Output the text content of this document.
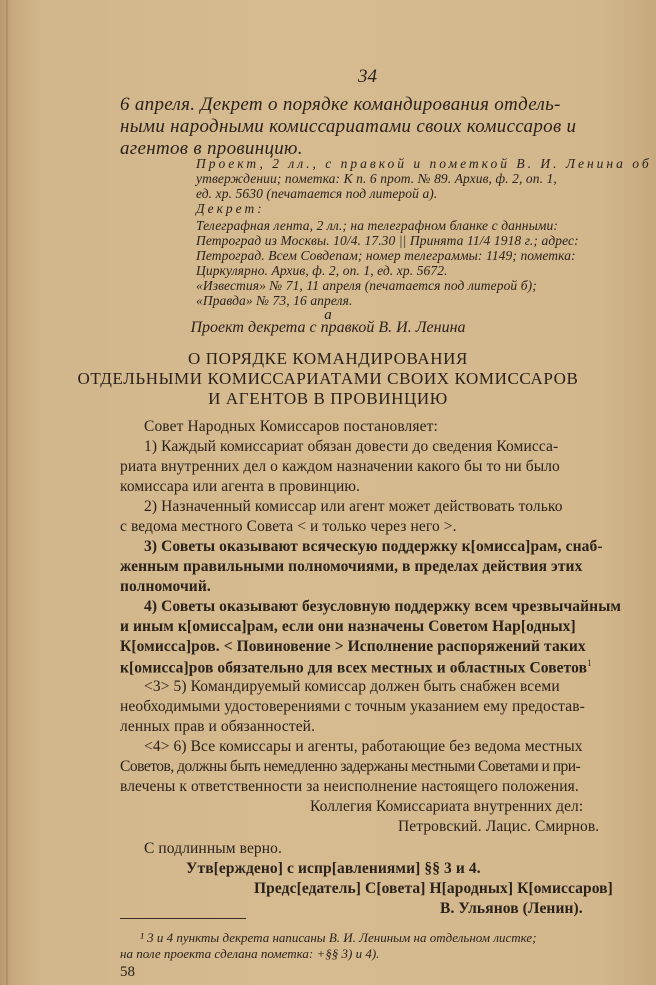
34
6 апреля. Декрет о порядке командирования отдель-
ными народными комиссариатами своих комиссаров и
агентов в провинцию.
Проект, 2 лл., с правкой и пометкой В. И. Ленина об
утверждении; пометка: К п. 6 прот. № 89. Архив, ф. 2, оп. 1,
ед. хр. 5630 (печатается под литерой а).
Декрет:
Телеграфная лента, 2 лл.; на телеграфном бланке с данными:
Петроград из Москвы. 10/4. 17.30 || Принята 11/4 1918 г.; адрес:
Петроград. Всем Совдепам; номер телеграммы: 1149; пометка:
Циркулярно. Архив, ф. 2, оп. 1, ед. хр. 5672.
«Известия» № 71, 11 апреля (печатается под литерой б);
«Правда» № 73, 16 апреля.
а
Проект декрета с правкой В. И. Ленина
О ПОРЯДКЕ КОМАНДИРОВАНИЯ
ОТДЕЛЬНЫМИ КОМИССАРИАТАМИ СВОИХ КОМИССАРОВ
И АГЕНТОВ В ПРОВИНЦИЮ
Совет Народных Комиссаров постановляет:
1) Каждый комиссариат обязан довести до сведения Комисса-
риата внутренних дел о каждом назначении какого бы то ни было
комиссара или агента в провинцию.
2) Назначенный комиссар или агент может действовать только
с ведома местного Совета < и только через него >.
3) Советы оказывают всяческую поддержку к[омисса]рам, снаб-
женным правильными полномочиями, в пределах действия этих
полномочий.
4) Советы оказывают безусловную поддержку всем чрезвычайным
и иным к[омисса]рам, если они назначены Советом Нар[одных]
К[омисса]ров. < Повиновение > Исполнение распоряжений таких
к[омисса]ров обязательно для всех местных и областных Советов$^1$
<3> 5) Командируемый комиссар должен быть снабжен всеми
необходимыми удостоверениями с точным указанием ему предостав-
ленных прав и обязанностей.
<4> 6) Все комиссары и агенты, работающие без ведома местных
Советов, должны быть немедленно задержаны местными Советами и при-
влечены к ответственности за неисполнение настоящего положения.
Коллегия Комиссариата внутренних дел:
Петровский. Лацис. Смирнов.
С подлинным верно.
Утв[ерждено] с испр[авлениями] §§ 3 и 4.
Предс[едатель] С[овета] Н[ародных] К[омиссаров]
В. Ульянов (Ленин).
¹ 3 и 4 пункты декрета написаны В. И. Лениным на отдельном листке;
на поле проекта сделана пометка: +§§ 3) и 4).
58
